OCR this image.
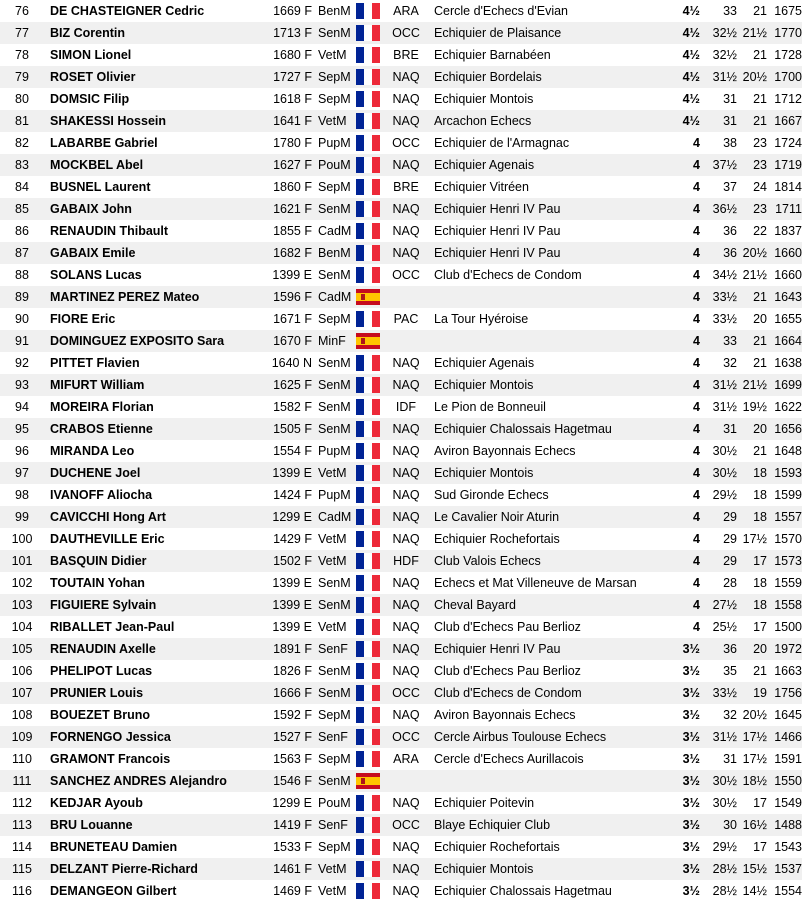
76	DE CHASTEIGNER Cedric	1669 F	BenM		ARA	Cercle d'Echecs d'Evian	4½	33	21	1675
77	BIZ Corentin	1713 F	SenM		OCC	Echiquier de Plaisance	4½	32½	21½	1770
78	SIMON Lionel	1680 F	VetM		BRE	Echiquier Barnabéen	4½	32½	21	1728
79	ROSET Olivier	1727 F	SepM		NAQ	Echiquier Bordelais	4½	31½	20½	1700
80	DOMSIC Filip	1618 F	SepM		NAQ	Echiquier Montois	4½	31	21	1712
81	SHAKESSI Hossein	1641 F	VetM		NAQ	Arcachon Echecs	4½	31	21	1667
82	LABARBE Gabriel	1780 F	PupM		OCC	Echiquier de l'Armagnac	4	38	23	1724
83	MOCKBEL Abel	1627 F	PouM		NAQ	Echiquier Agenais	4	37½	23	1719
84	BUSNEL Laurent	1860 F	SepM		BRE	Echiquier Vitréen	4	37	24	1814
85	GABAIX John	1621 F	SenM		NAQ	Echiquier Henri IV Pau	4	36½	23	1711
86	RENAUDIN Thibault	1855 F	CadM		NAQ	Echiquier Henri IV Pau	4	36	22	1837
87	GABAIX Emile	1682 F	BenM		NAQ	Echiquier Henri IV Pau	4	36	20½	1660
88	SOLANS Lucas	1399 E	SenM		OCC	Club d'Echecs de Condom	4	34½	21½	1660
89	MARTINEZ PEREZ Mateo	1596 F	CadM				4	33½	21	1643
90	FIORE Eric	1671 F	SepM		PAC	La Tour Hyéroise	4	33½	20	1655
91	DOMINGUEZ EXPOSITO Sara	1670 F	MinF				4	33	21	1664
92	PITTET Flavien	1640 N	SenM		NAQ	Echiquier Agenais	4	32	21	1638
93	MIFURT William	1625 F	SenM		NAQ	Echiquier Montois	4	31½	21½	1699
94	MOREIRA Florian	1582 F	SenM		IDF	Le Pion de Bonneuil	4	31½	19½	1622
95	CRABOS Etienne	1505 F	SenM		NAQ	Echiquier Chalossais Hagetmau	4	31	20	1656
96	MIRANDA Leo	1554 F	PupM		NAQ	Aviron Bayonnais Echecs	4	30½	21	1648
97	DUCHENE Joel	1399 E	VetM		NAQ	Echiquier Montois	4	30½	18	1593
98	IVANOFF Aliocha	1424 F	PupM		NAQ	Sud Gironde Echecs	4	29½	18	1599
99	CAVICCHI Hong Art	1299 E	CadM		NAQ	Le Cavalier Noir Aturin	4	29	18	1557
100	DAUTHEVILLE Eric	1429 F	VetM		NAQ	Echiquier Rochefortais	4	29	17½	1570
101	BASQUIN Didier	1502 F	VetM		HDF	Club Valois Echecs	4	29	17	1573
102	TOUTAIN Yohan	1399 E	SenM		NAQ	Echecs et Mat Villeneuve de Marsan	4	28	18	1559
103	FIGUIERE Sylvain	1399 E	SenM		NAQ	Cheval Bayard	4	27½	18	1558
104	RIBALLET Jean-Paul	1399 E	VetM		NAQ	Club d'Echecs Pau Berlioz	4	25½	17	1500
105	RENAUDIN Axelle	1891 F	SenF		NAQ	Echiquier Henri IV Pau	3½	36	20	1972
106	PHELIPOT Lucas	1826 F	SenM		NAQ	Club d'Echecs Pau Berlioz	3½	35	21	1663
107	PRUNIER Louis	1666 F	SenM		OCC	Club d'Echecs de Condom	3½	33½	19	1756
108	BOUEZET Bruno	1592 F	SepM		NAQ	Aviron Bayonnais Echecs	3½	32	20½	1645
109	FORNENGO Jessica	1527 F	SenF		OCC	Cercle Airbus Toulouse Echecs	3½	31½	17½	1466
110	GRAMONT Francois	1563 F	SepM		ARA	Cercle d'Echecs Aurillacois	3½	31	17½	1591
111	SANCHEZ ANDRES Alejandro	1546 F	SenM				3½	30½	18½	1550
112	KEDJAR Ayoub	1299 E	PouM		NAQ	Echiquier Poitevin	3½	30½	17	1549
113	BRU Louanne	1419 F	SenF		OCC	Blaye Echiquier Club	3½	30	16½	1488
114	BRUNETEAU Damien	1533 F	SepM		NAQ	Echiquier Rochefortais	3½	29½	17	1543
115	DELZANT Pierre-Richard	1461 F	VetM		NAQ	Echiquier Montois	3½	28½	15½	1537
116	DEMANGEON Gilbert	1469 F	VetM		NAQ	Echiquier Chalossais Hagetmau	3½	28½	14½	1554
